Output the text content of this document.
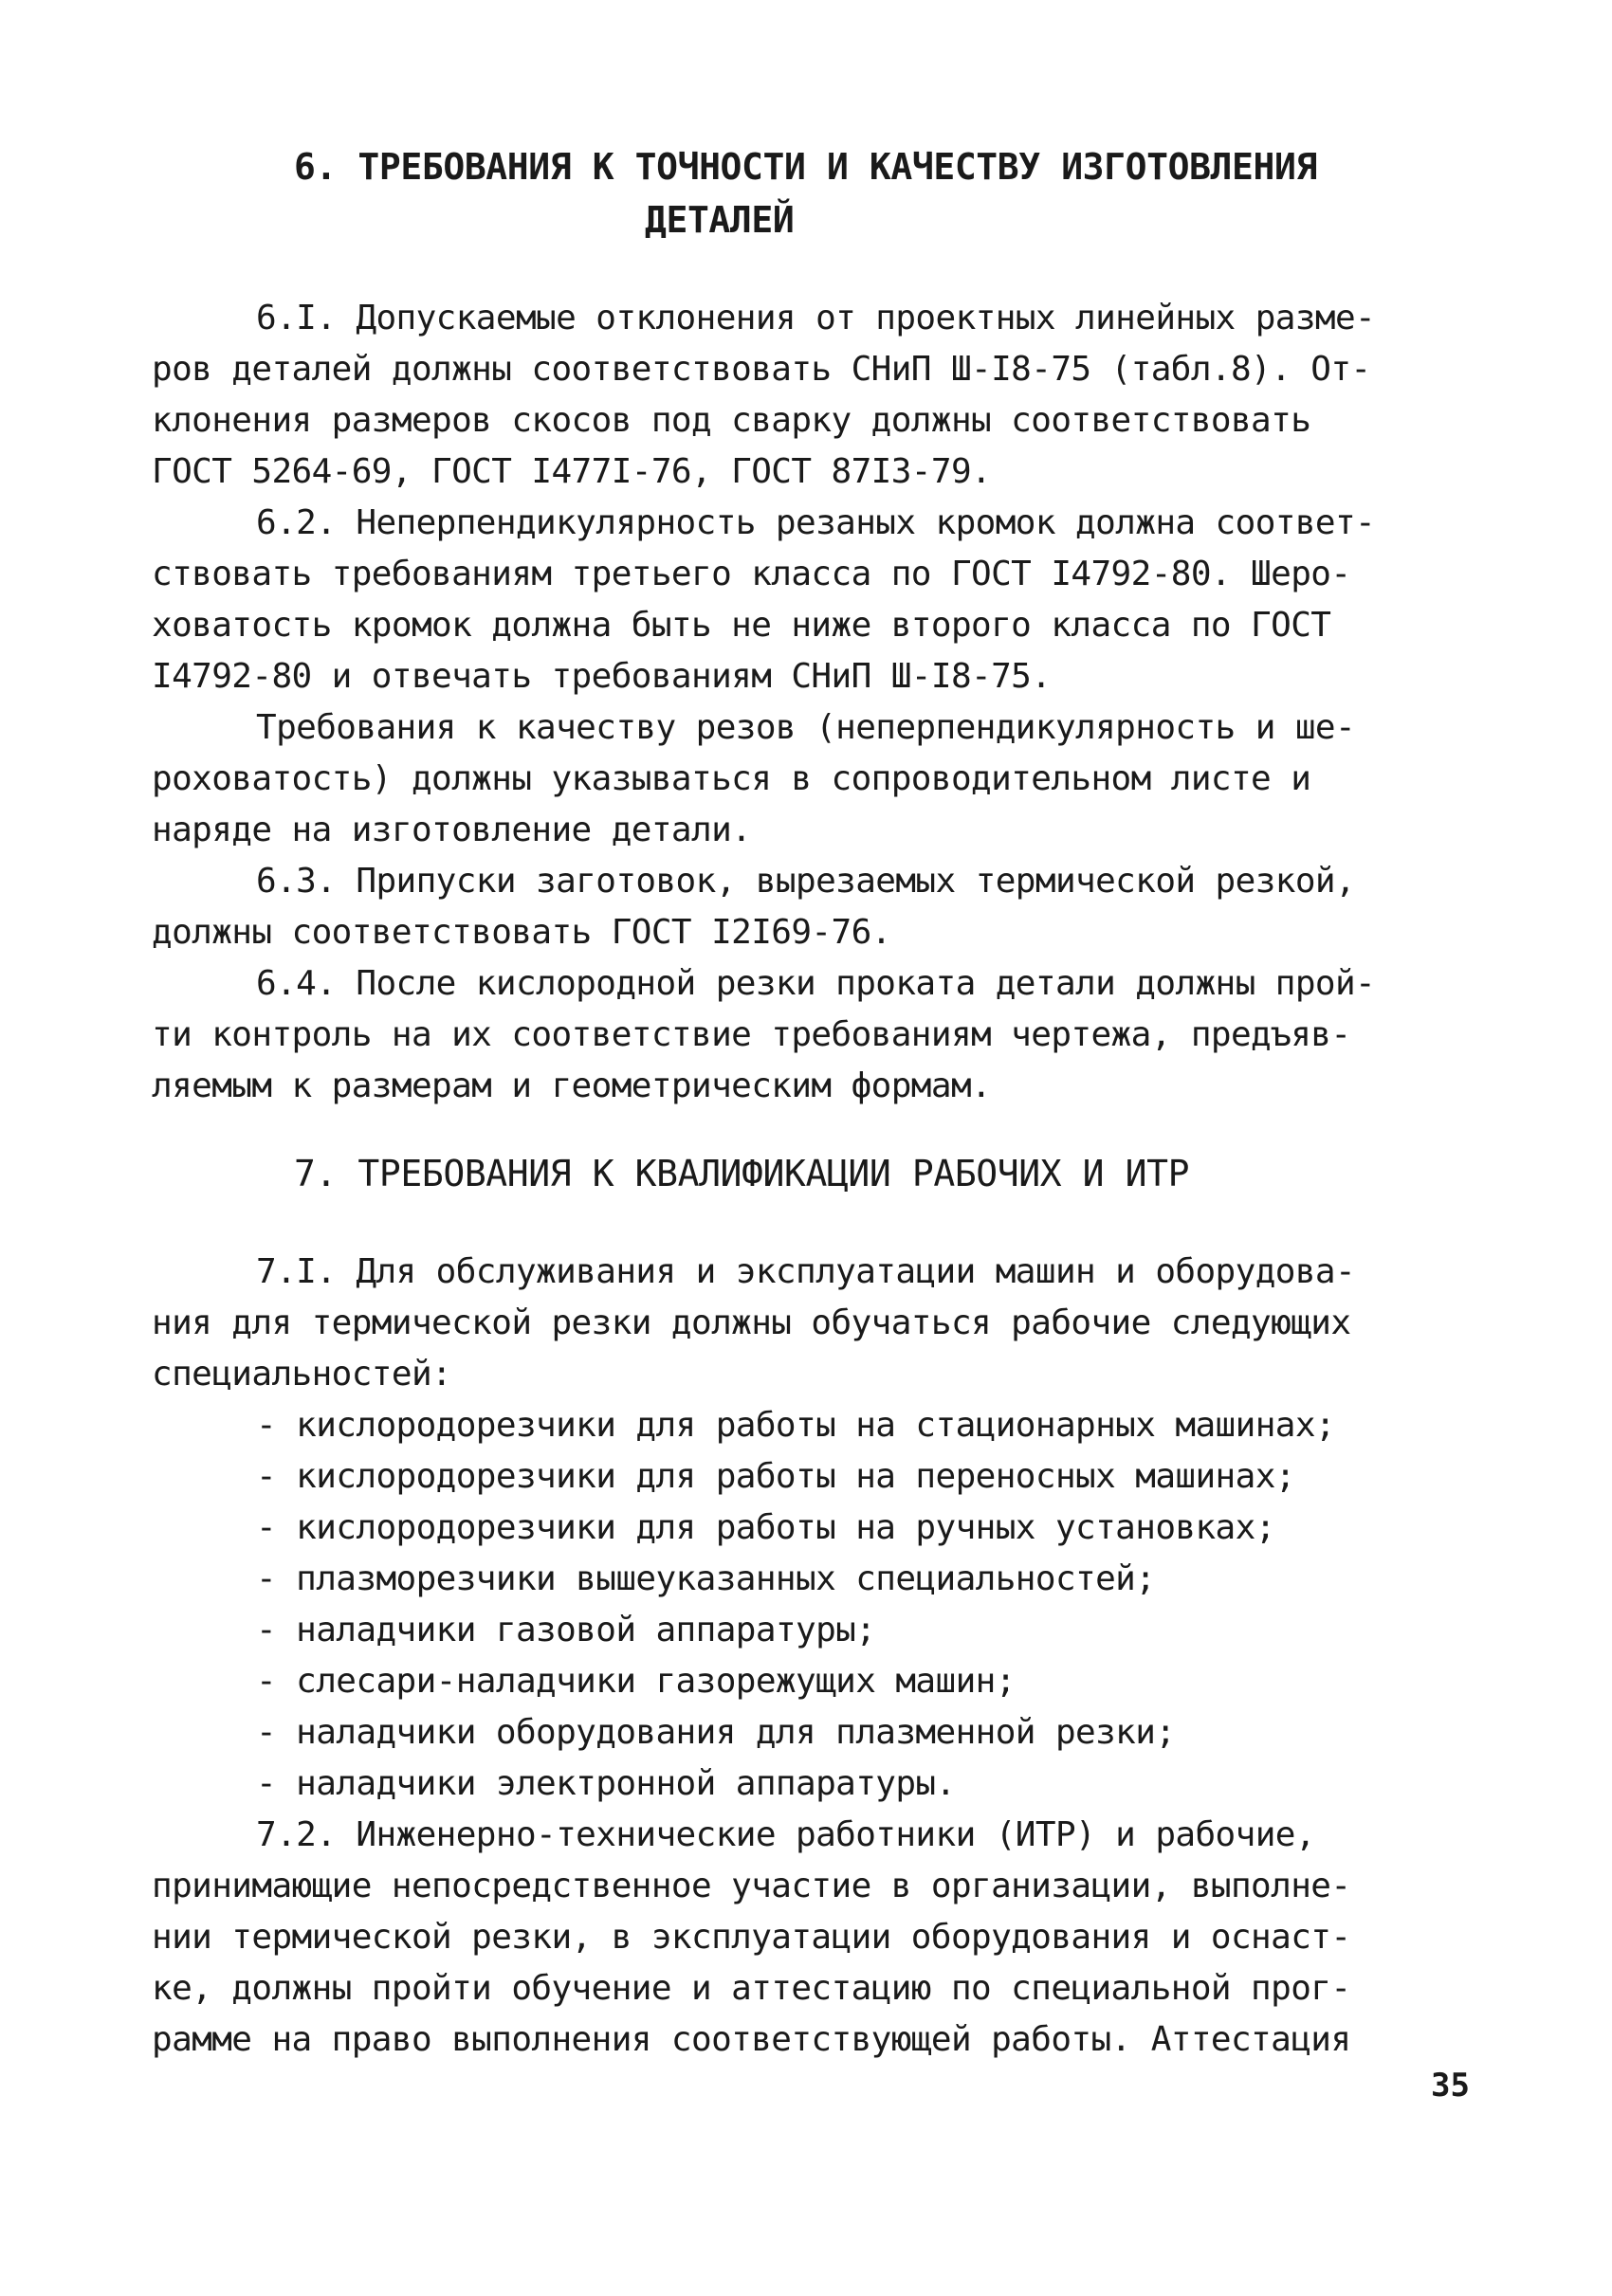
6. ТРЕБОВАНИЯ К ТОЧНОСТИ И КАЧЕСТВУ ИЗГОТОВЛЕНИЯ
ДЕТАЛЕЙ
6.I. Допускаемые отклонения от проектных линейных разме-
ров деталей должны соответствовать СНиП Ш-I8-75 (табл.8). От-
клонения размеров скосов под сварку должны соответствовать
ГОСТ 5264-69, ГОСТ I477I-76, ГОСТ 87I3-79.
6.2. Неперпендикулярность резаных кромок должна соответ-
ствовать требованиям третьего класса по ГОСТ I4792-80. Шеро-
ховатость кромок должна быть не ниже второго класса по ГОСТ
I4792-80 и отвечать требованиям СНиП Ш-I8-75.
Требования к качеству резов (неперпендикулярность и ше-
роховатость) должны указываться в сопроводительном листе и
наряде на изготовление детали.
6.3. Припуски заготовок, вырезаемых термической резкой,
должны соответствовать ГОСТ I2I69-76.
6.4. После кислородной резки проката детали должны прой-
ти контроль на их соответствие требованиям чертежа, предъяв-
ляемым к размерам и геометрическим формам.
7. ТРЕБОВАНИЯ К КВАЛИФИКАЦИИ РАБОЧИХ И ИТР
7.I. Для обслуживания и эксплуатации машин и оборудова-
ния для термической резки должны обучаться рабочие следующих
специальностей:
- кислородорезчики для работы на стационарных машинах;
- кислородорезчики для работы на переносных машинах;
- кислородорезчики для работы на ручных установках;
- плазморезчики вышеуказанных специальностей;
- наладчики газовой аппаратуры;
- слесари-наладчики газорежущих машин;
- наладчики оборудования для плазменной резки;
- наладчики электронной аппаратуры.
7.2. Инженерно-технические работники (ИТР) и рабочие,
принимающие непосредственное участие в организации, выполне-
нии термической резки, в эксплуатации оборудования и оснаст-
ке, должны пройти обучение и аттестацию по специальной прог-
рамме на право выполнения соответствующей работы. Аттестация
35
